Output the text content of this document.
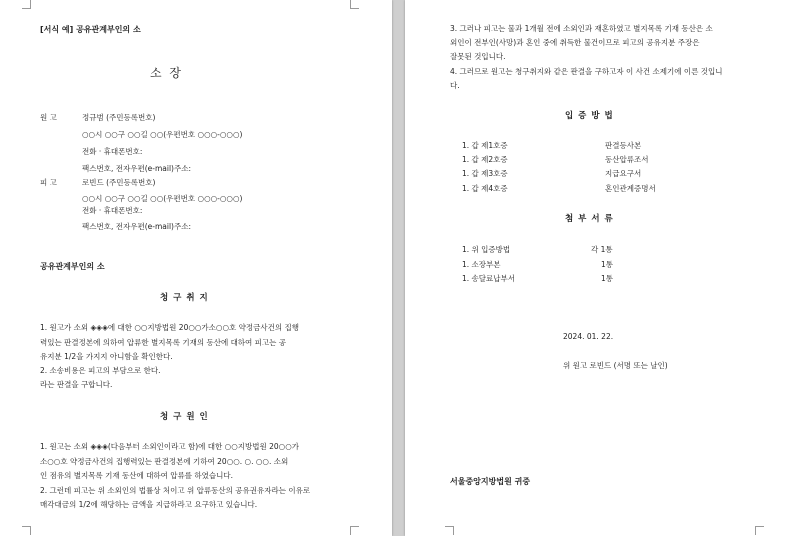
[서식 예] 공유관계부인의 소
소 장
원 고	정규범 (주민등록번호)
○○시 ○○구 ○○길 ○○(우편번호 ○○○-○○○)
전화 · 휴대폰번호:
팩스번호, 전자우편(e-mail)주소:
피 고	로빈드 (주민등록번호)
○○시 ○○구 ○○길 ○○(우편번호 ○○○-○○○)
전화 · 휴대폰번호:
팩스번호, 전자우편(e-mail)주소:
공유관계부인의 소
청 구 취 지
1. 원고가 소외 ◈◈◈에 대한 ○○지방법원 20○○가소○○호 약정금사건의 집행
력있는 판결정본에 의하여 압류한 별지목록 기재의 동산에 대하여 피고는 공
유지분 1/2을 가지지 아니함을 확인한다.
2. 소송비용은 피고의 부담으로 한다.
라는 판결을 구합니다.
청 구 원 인
1. 원고는 소외 ◈◈◈(다음부터 소외인이라고 함)에 대한 ○○지방법원 20○○가
소○○호 약정금사건의 집행력있는 판결정본에 기하여 20○○. ○. ○○. 소외
인 점유의 별지목록 기재 동산에 대하여 압류를 하였습니다.
2. 그런데 피고는 위 소외인의 법률상 처이고 위 압류동산의 공유권유자라는 이유로
매각대금의 1/2에 해당하는 금액을 지급하라고 요구하고 있습니다.
3. 그러나 피고는 물과 1개월 전에 소외인과 재혼하였고 별지목록 기재 동산은 소
외인이 전부인(사망)과 혼인 중에 취득한 물건이므로 피고의 공유지분 주장은
잘못된 것입니다.
4. 그러므로 원고는 청구취지와 같은 판결을 구하고자 이 사건 소제기에 이른 것입니
다.
입 증 방 법
1. 갑 제1호증	판결등사본
1. 갑 제2호증	동산압류조서
1. 갑 제3호증	지급요구서
1. 갑 제4호증	혼인관계증명서
첨 부 서 류
1. 위 입증방법	각 1통
1. 소장부본	1통
1. 송달료납부서	1통
2024. 01. 22.
위 원고 로빈드 (서명 또는 날인)
서울중앙지방법원 귀중
